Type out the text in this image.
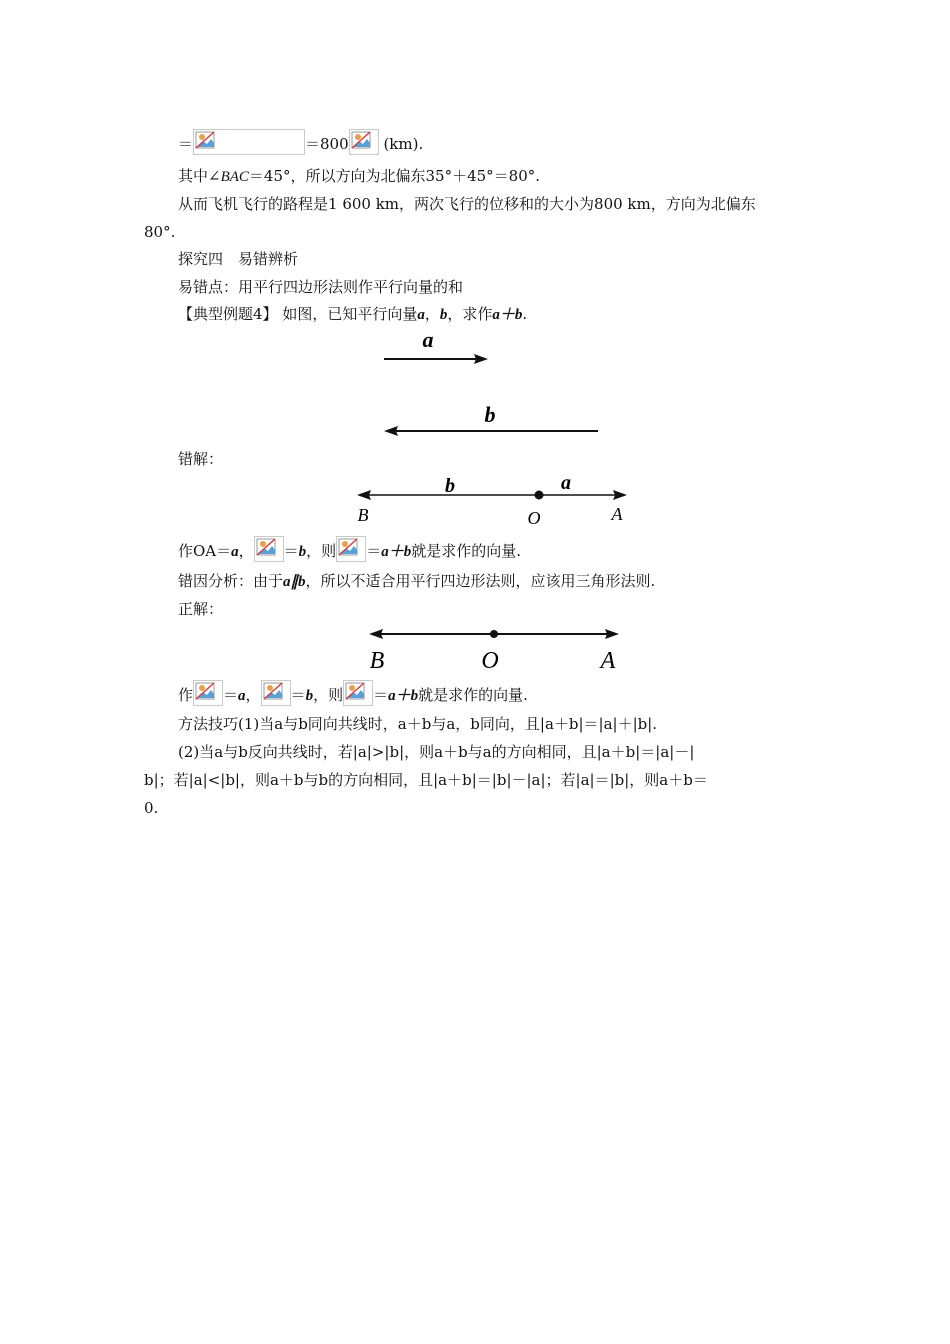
＝	＝800 (km).
其中∠BAC＝45°，所以方向为北偏东35°＋45°＝80°.
从而飞机飞行的路程是1 600 km，两次飞行的位移和的大小为800 km，方向为北偏东
80°.
探究四　易错辨析
易错点：用平行四边形法则作平行向量的和
【典型例题4】 如图，已知平行向量a，b，求作a＋b.
a
b
错解：
b	a
B	O	A
作OA＝a， ＝b，则 ＝a＋b就是求作的向量.
错因分析：由于a∥b，所以不适合用平行四边形法则，应该用三角形法则.
正解：
B	O	A
作 ＝a， ＝b，则 ＝a＋b就是求作的向量.
方法技巧(1)当a与b同向共线时，a＋b与a，b同向，且|a＋b|＝|a|＋|b|.
(2)当a与b反向共线时，若|a|>|b|，则a＋b与a的方向相同，且|a＋b|＝|a|－|
b|；若|a|<|b|，则a＋b与b的方向相同，且|a＋b|＝|b|－|a|；若|a|＝|b|，则a＋b＝
0.
